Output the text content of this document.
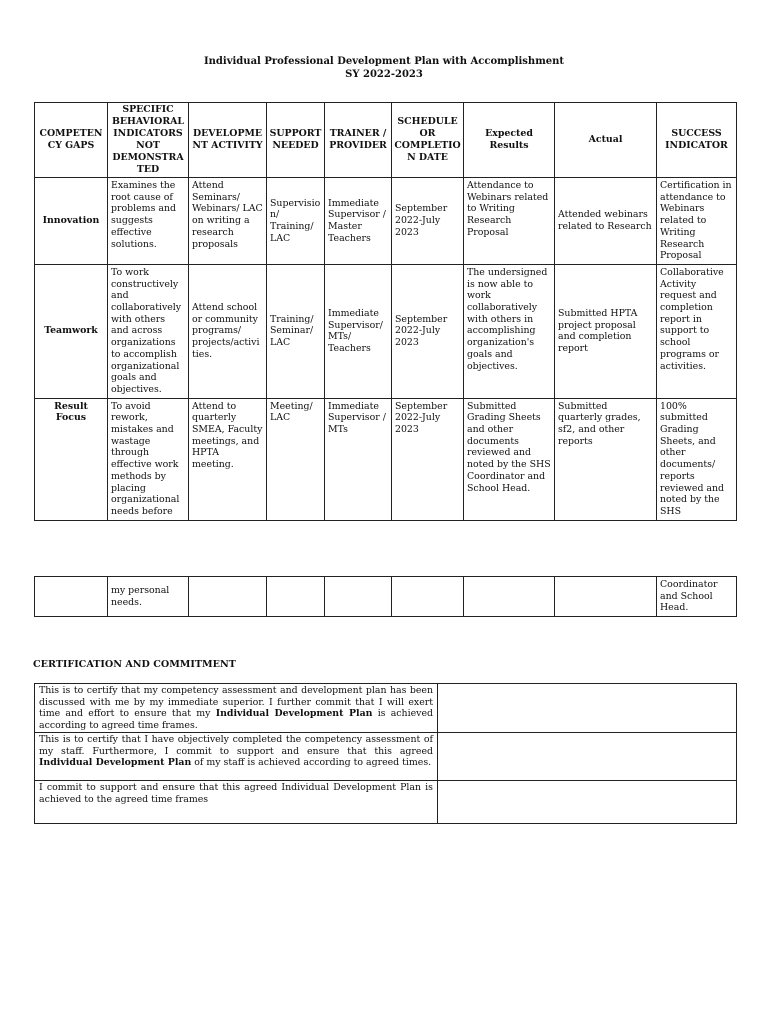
Individual Professional Development Plan with Accomplishment
SY 2022-2023
COMPETENCY GAPS	SPECIFIC BEHAVIORAL INDICATORS NOT DEMONSTRATED	DEVELOPMENT ACTIVITY	SUPPORT NEEDED	TRAINER / PROVIDER	SCHEDULE OR COMPLETION DATE	Expected Results	Actual	SUCCESS INDICATOR
Innovation	Examines the root cause of problems and suggests effective solutions.	Attend Seminars/ Webinars/ LAC on writing a research proposals	Supervision/ Training/ LAC	Immediate Supervisor / Master Teachers	September 2022-July 2023	Attendance to Webinars related to Writing Research Proposal	Attended webinars related to Research	Certification in attendance to Webinars related to Writing Research Proposal
Teamwork	To work constructively and collaboratively with others and across organizations to accomplish organizational goals and objectives.	Attend school or community programs/ projects/activities.	Training/ Seminar/ LAC	Immediate Supervisor/ MTs/ Teachers	September 2022-July 2023	The undersigned is now able to work collaboratively with others in accomplishing organization's goals and objectives.	Submitted HPTA project proposal and completion report	Collaborative Activity request and completion report in support to school programs or activities.
Result Focus	To avoid rework, mistakes and wastage through effective work methods by placing organizational needs before	Attend to quarterly SMEA, Faculty meetings, and HPTA meeting.	Meeting/ LAC	Immediate Supervisor / MTs	September 2022-July 2023	Submitted Grading Sheets and other documents reviewed and noted by the SHS Coordinator and School Head.	Submitted quarterly grades, sf2, and other reports	100% submitted Grading Sheets, and other documents/ reports reviewed and noted by the SHS
	my personal needs.							Coordinator and School Head.
CERTIFICATION AND COMMITMENT
This is to certify that my competency assessment and development plan has been discussed with me by my immediate superior. I further commit that I will exert time and effort to ensure that my Individual Development Plan is achieved according to agreed time frames.	
This is to certify that I have objectively completed the competency assessment of my staff. Furthermore, I commit to support and ensure that this agreed Individual Development Plan of my staff is achieved according to agreed times.	
I commit to support and ensure that this agreed Individual Development Plan is achieved to the agreed time frames	
